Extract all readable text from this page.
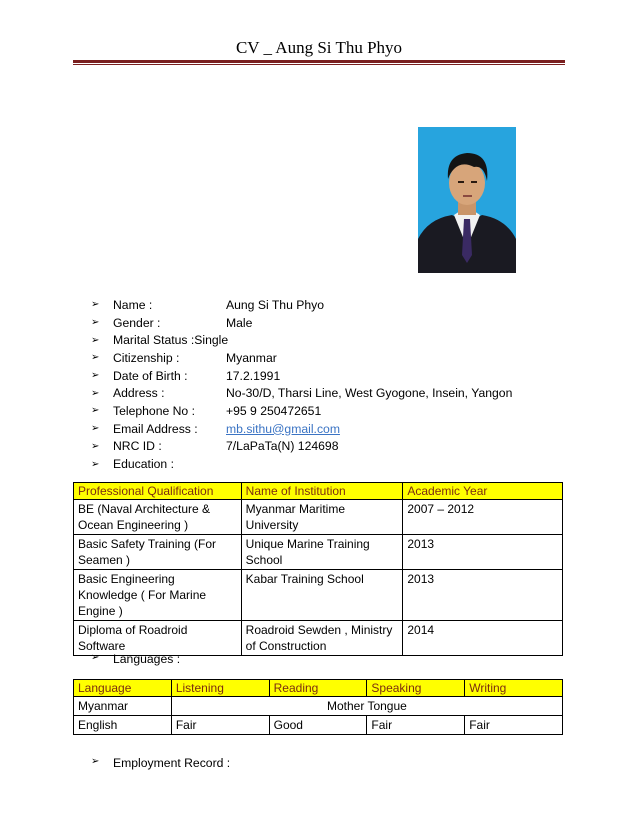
CV _ Aung Si Thu Phyo
➢	Name :	Aung Si Thu Phyo
➢	Gender :	Male
➢	Marital Status :Single
➢	Citizenship :	Myanmar
➢	Date of Birth :	17.2.1991
➢	Address :	No-30/D, Tharsi Line, West Gyogone, Insein, Yangon
➢	Telephone No :	+95 9 250472651
➢	Email Address : mb.sithu@gmail.com
➢	NRC ID :	7/LaPaTa(N) 124698
➢	Education :
Professional Qualification	Name of Institution	Academic Year
BE (Naval Architecture & Ocean Engineering )	Myanmar Maritime University	2007 – 2012
Basic Safety Training (For Seamen )	Unique Marine Training School	2013
Basic Engineering Knowledge ( For Marine Engine )	Kabar Training School	2013
Diploma of Roadroid Software	Roadroid Sewden , Ministry of Construction	2014
➢	Languages :
Language	Listening	Reading	Speaking	Writing
Myanmar	Mother Tongue			
English	Fair	Good	Fair	Fair
➢	Employment Record :
